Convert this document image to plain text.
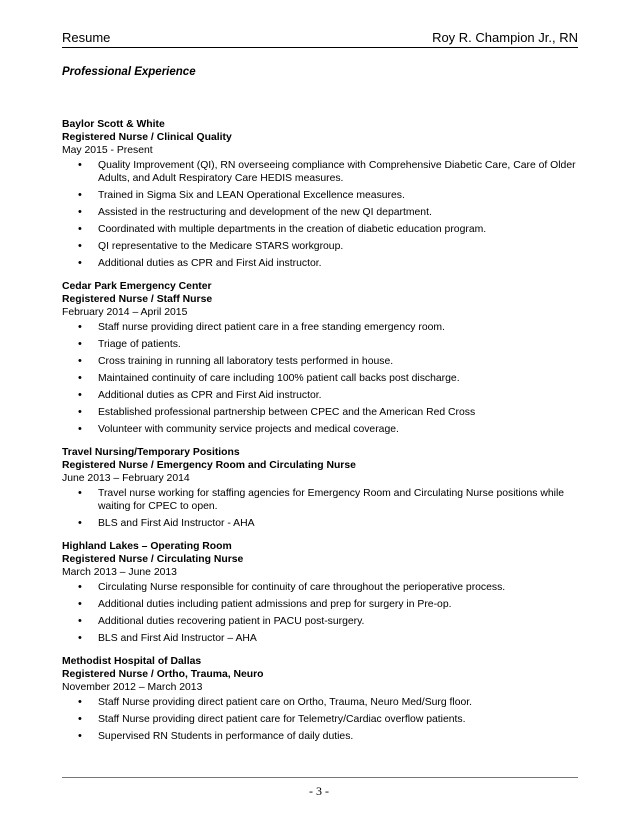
Resume	Roy R. Champion Jr., RN
Professional Experience
Baylor Scott & White
Registered Nurse / Clinical Quality
May 2015 - Present
• Quality Improvement (QI), RN overseeing compliance with Comprehensive Diabetic Care, Care of Older Adults, and Adult Respiratory Care HEDIS measures.
• Trained in Sigma Six and LEAN Operational Excellence measures.
• Assisted in the restructuring and development of the new QI department.
• Coordinated with multiple departments in the creation of diabetic education program.
• QI representative to the Medicare STARS workgroup.
• Additional duties as CPR and First Aid instructor.
Cedar Park Emergency Center
Registered Nurse / Staff Nurse
February 2014 – April 2015
• Staff nurse providing direct patient care in a free standing emergency room.
• Triage of patients.
• Cross training in running all laboratory tests performed in house.
• Maintained continuity of care including 100% patient call backs post discharge.
• Additional duties as CPR and First Aid instructor.
• Established professional partnership between CPEC and the American Red Cross
• Volunteer with community service projects and medical coverage.
Travel Nursing/Temporary Positions
Registered Nurse / Emergency Room and Circulating Nurse
June 2013 – February 2014
• Travel nurse working for staffing agencies for Emergency Room and Circulating Nurse positions while waiting for CPEC to open.
• BLS and First Aid Instructor - AHA
Highland Lakes – Operating Room
Registered Nurse / Circulating Nurse
March 2013 – June 2013
• Circulating Nurse responsible for continuity of care throughout the perioperative process.
• Additional duties including patient admissions and prep for surgery in Pre-op.
• Additional duties recovering patient in PACU post-surgery.
• BLS and First Aid Instructor – AHA
Methodist Hospital of Dallas
Registered Nurse / Ortho, Trauma, Neuro
November 2012 – March 2013
• Staff Nurse providing direct patient care on Ortho, Trauma, Neuro Med/Surg floor.
• Staff Nurse providing direct patient care for Telemetry/Cardiac overflow patients.
• Supervised RN Students in performance of daily duties.
- 3 -
